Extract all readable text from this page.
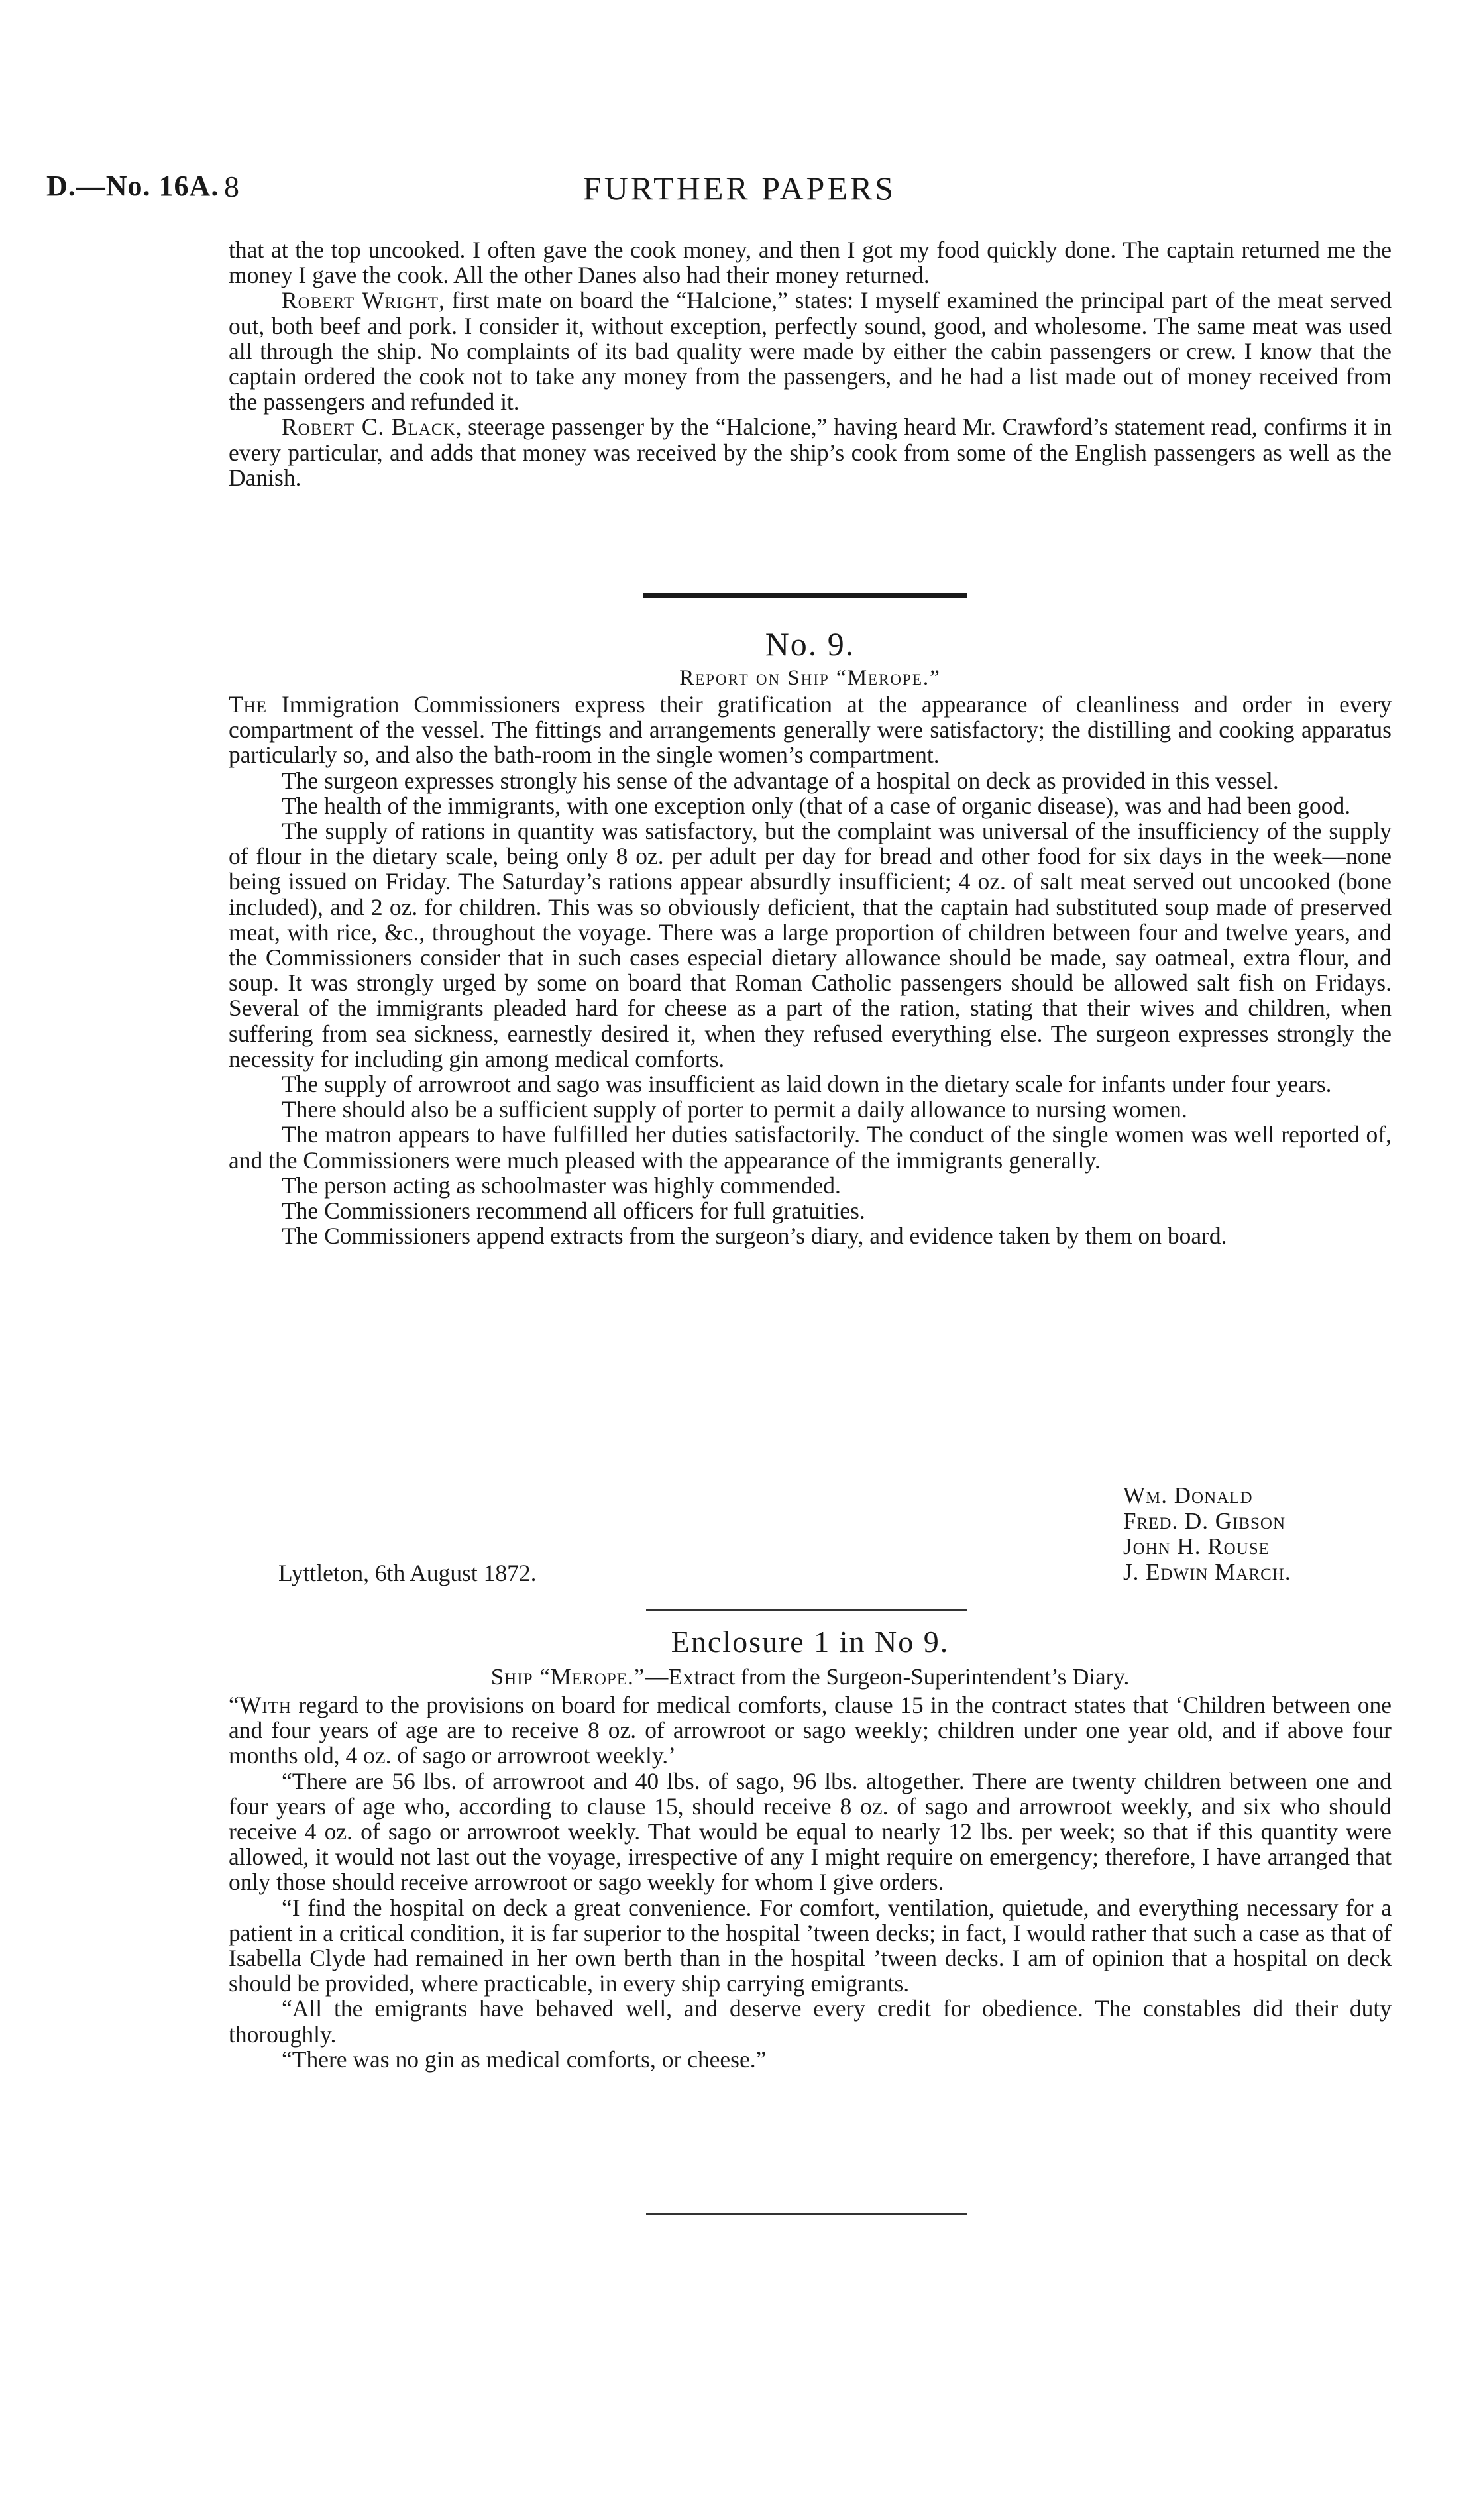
D.—No. 16A. 8	FURTHER PAPERS

that at the top uncooked. I often gave the cook money, and then I got my food quickly done. The captain returned me the money I gave the cook. All the other Danes also had their money returned.

Robert Wright, first mate on board the “Halcione,” states: I myself examined the principal part of the meat served out, both beef and pork. I consider it, without exception, perfectly sound, good, and wholesome. The same meat was used all through the ship. No complaints of its bad quality were made by either the cabin passengers or crew. I know that the captain ordered the cook not to take any money from the passengers, and he had a list made out of money received from the passengers and refunded it.

Robert C. Black, steerage passenger by the “Halcione,” having heard Mr. Crawford’s statement read, confirms it in every particular, and adds that money was received by the ship’s cook from some of the English passengers as well as the Danish.

No. 9.

Report on Ship “Merope.”

The Immigration Commissioners express their gratification at the appearance of cleanliness and order in every compartment of the vessel. The fittings and arrangements generally were satisfactory; the distilling and cooking apparatus particularly so, and also the bath-room in the single women’s compartment.

The surgeon expresses strongly his sense of the advantage of a hospital on deck as provided in this vessel.

The health of the immigrants, with one exception only (that of a case of organic disease), was and had been good.

The supply of rations in quantity was satisfactory, but the complaint was universal of the insufficiency of the supply of flour in the dietary scale, being only 8 oz. per adult per day for bread and other food for six days in the week—none being issued on Friday. The Saturday’s rations appear absurdly insufficient; 4 oz. of salt meat served out uncooked (bone included), and 2 oz. for children. This was so obviously deficient, that the captain had substituted soup made of preserved meat, with rice, &c., throughout the voyage. There was a large proportion of children between four and twelve years, and the Commissioners consider that in such cases especial dietary allowance should be made, say oatmeal, extra flour, and soup. It was strongly urged by some on board that Roman Catholic passengers should be allowed salt fish on Fridays. Several of the immigrants pleaded hard for cheese as a part of the ration, stating that their wives and children, when suffering from sea sickness, earnestly desired it, when they refused everything else. The surgeon expresses strongly the necessity for including gin among medical comforts.

The supply of arrowroot and sago was insufficient as laid down in the dietary scale for infants under four years.

There should also be a sufficient supply of porter to permit a daily allowance to nursing women.

The matron appears to have fulfilled her duties satisfactorily. The conduct of the single women was well reported of, and the Commissioners were much pleased with the appearance of the immigrants generally.

The person acting as schoolmaster was highly commended.

The Commissioners recommend all officers for full gratuities.

The Commissioners append extracts from the surgeon’s diary, and evidence taken by them on board.

Wm. Donald
Fred. D. Gibson
John H. Rouse
J. Edwin March.
Lyttleton, 6th August 1872.

Enclosure 1 in No 9.

Ship “Merope.”—Extract from the Surgeon-Superintendent’s Diary.

“With regard to the provisions on board for medical comforts, clause 15 in the contract states that ‘Children between one and four years of age are to receive 8 oz. of arrowroot or sago weekly; children under one year old, and if above four months old, 4 oz. of sago or arrowroot weekly.’

“There are 56 lbs. of arrowroot and 40 lbs. of sago, 96 lbs. altogether. There are twenty children between one and four years of age who, according to clause 15, should receive 8 oz. of sago and arrowroot weekly, and six who should receive 4 oz. of sago or arrowroot weekly. That would be equal to nearly 12 lbs. per week; so that if this quantity were allowed, it would not last out the voyage, irrespective of any I might require on emergency; therefore, I have arranged that only those should receive arrowroot or sago weekly for whom I give orders.

“I find the hospital on deck a great convenience. For comfort, ventilation, quietude, and everything necessary for a patient in a critical condition, it is far superior to the hospital ’tween decks; in fact, I would rather that such a case as that of Isabella Clyde had remained in her own berth than in the hospital ’tween decks. I am of opinion that a hospital on deck should be provided, where practicable, in every ship carrying emigrants.

“All the emigrants have behaved well, and deserve every credit for obedience. The constables did their duty thoroughly.

“There was no gin as medical comforts, or cheese.”
